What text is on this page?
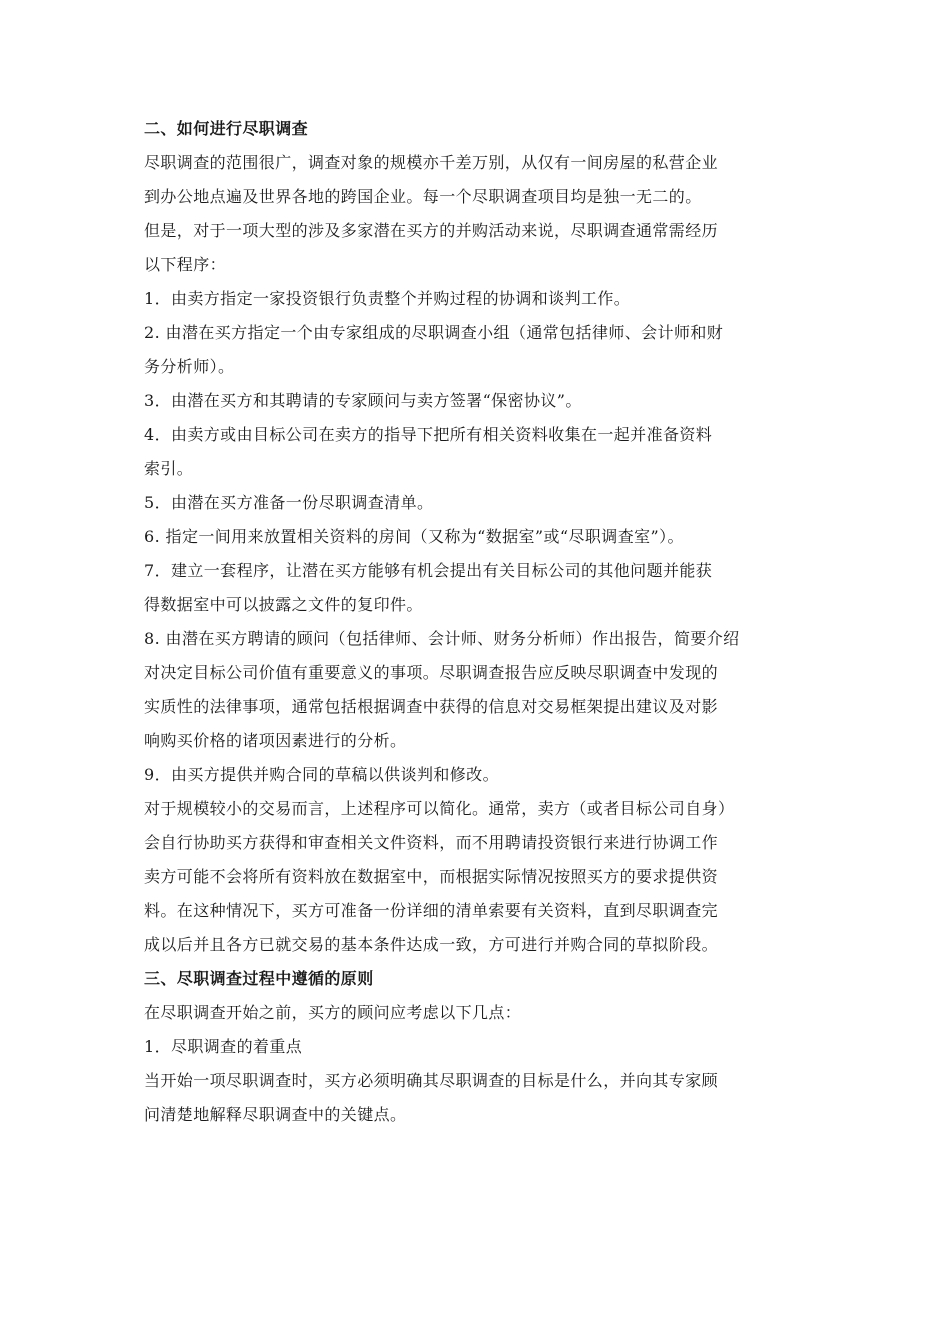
二、如何进行尽职调查
尽职调查的范围很广，调查对象的规模亦千差万别，从仅有一间房屋的私营企业
到办公地点遍及世界各地的跨国企业。每一个尽职调查项目均是独一无二的。
但是，对于一项大型的涉及多家潜在买方的并购活动来说，尽职调查通常需经历
以下程序：
1．由卖方指定一家投资银行负责整个并购过程的协调和谈判工作。
2. 由潜在买方指定一个由专家组成的尽职调查小组（通常包括律师、会计师和财
务分析师）。
3．由潜在买方和其聘请的专家顾问与卖方签署“保密协议”。
4．由卖方或由目标公司在卖方的指导下把所有相关资料收集在一起并准备资料
索引。
5．由潜在买方准备一份尽职调查清单。
6. 指定一间用来放置相关资料的房间（又称为“数据室”或“尽职调查室”）。
7．建立一套程序，让潜在买方能够有机会提出有关目标公司的其他问题并能获
得数据室中可以披露之文件的复印件。
8. 由潜在买方聘请的顾问（包括律师、会计师、财务分析师）作出报告，简要介绍
对决定目标公司价值有重要意义的事项。尽职调查报告应反映尽职调查中发现的
实质性的法律事项，通常包括根据调查中获得的信息对交易框架提出建议及对影
响购买价格的诸项因素进行的分析。
9．由买方提供并购合同的草稿以供谈判和修改。
对于规模较小的交易而言，上述程序可以简化。通常，卖方（或者目标公司自身）
会自行协助买方获得和审查相关文件资料，而不用聘请投资银行来进行协调工作
卖方可能不会将所有资料放在数据室中，而根据实际情况按照买方的要求提供资
料。在这种情况下，买方可准备一份详细的清单索要有关资料，直到尽职调查完
成以后并且各方已就交易的基本条件达成一致，方可进行并购合同的草拟阶段。
三、尽职调查过程中遵循的原则
在尽职调查开始之前，买方的顾问应考虑以下几点：
1．尽职调查的着重点
当开始一项尽职调查时，买方必须明确其尽职调查的目标是什么，并向其专家顾
问清楚地解释尽职调查中的关键点。
